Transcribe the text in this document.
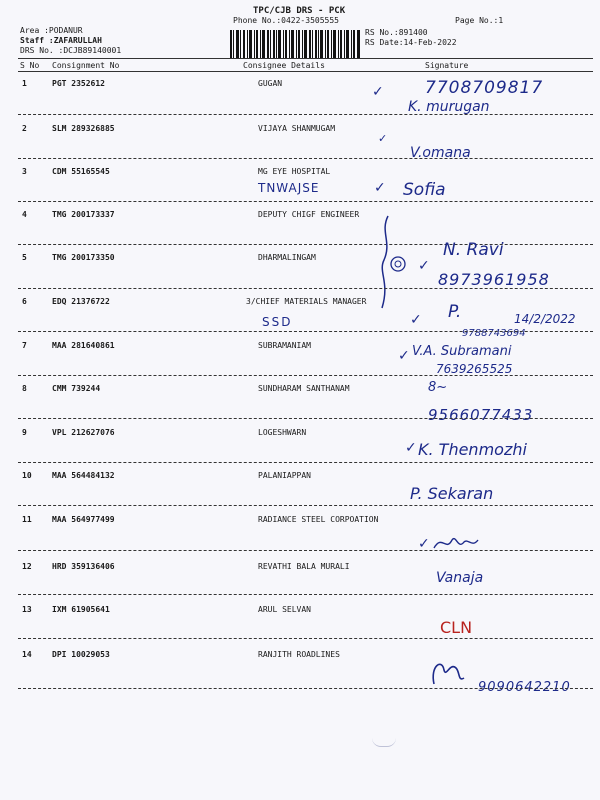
TPC/CJB DRS - PCK
Phone No.:0422-3505555	Page No.:1
Area :PODANUR
Staff :ZAFARULLAH
DRS No. :DCJB89140001
RS No.:891400
RS Date:14-Feb-2022
S No Consignment No	Consignee Details	Signature
1	PGT 2352612	GUGAN
✓ 7708709817
K. murugan
2	SLM 289326885	VIJAYA SHANMUGAM
✓
V.omana
3	CDM 55165545	MG EYE HOSPITAL
TNWAJSE	✓ Sofia
4	TMG 200173337	DEPUTY CHIGF ENGINEER
5	TMG 200173350	DHARMALINGAM
✓
N. Ravi
8973961958
6	EDQ 21376722	3/CHIEF MATERIALS MANAGER
SSD	✓ P.	14/2/2022
9788743694
7	MAA 281640861	SUBRAMANIAM
✓ V.A. Subramani
7639265525
8	CMM 739244	SUNDHARAM SANTHANAM	8~
9566077433
9	VPL 212627076	LOGESHWARN
✓ K. Thenmozhi
10	MAA 564484132	PALANIAPPAN
P. Sekaran
11	MAA 564977499	RADIANCE STEEL CORPOATION
✓
12	HRD 359136406	REVATHI BALA MURALI
Vanaja
13	IXM 61905641	ARUL SELVAN
CLN
14	DPI 10029053	RANJITH ROADLINES
9090642210
